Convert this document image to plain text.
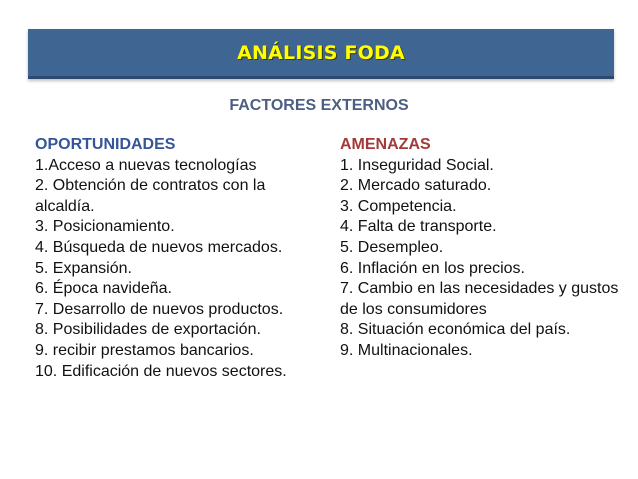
ANÁLISIS FODA
FACTORES EXTERNOS
OPORTUNIDADES
1.Acceso a nuevas tecnologías
2. Obtención de contratos con la alcaldía.
3. Posicionamiento.
4. Búsqueda de nuevos mercados.
5. Expansión.
6. Época navideña.
7. Desarrollo de nuevos productos.
8. Posibilidades de exportación.
9. recibir prestamos bancarios.
10. Edificación de nuevos sectores.
AMENAZAS
1. Inseguridad Social.
2. Mercado saturado.
3. Competencia.
4. Falta de transporte.
5. Desempleo.
6. Inflación en los precios.
7. Cambio en las necesidades y gustos de los consumidores
8. Situación económica del país.
9. Multinacionales.
